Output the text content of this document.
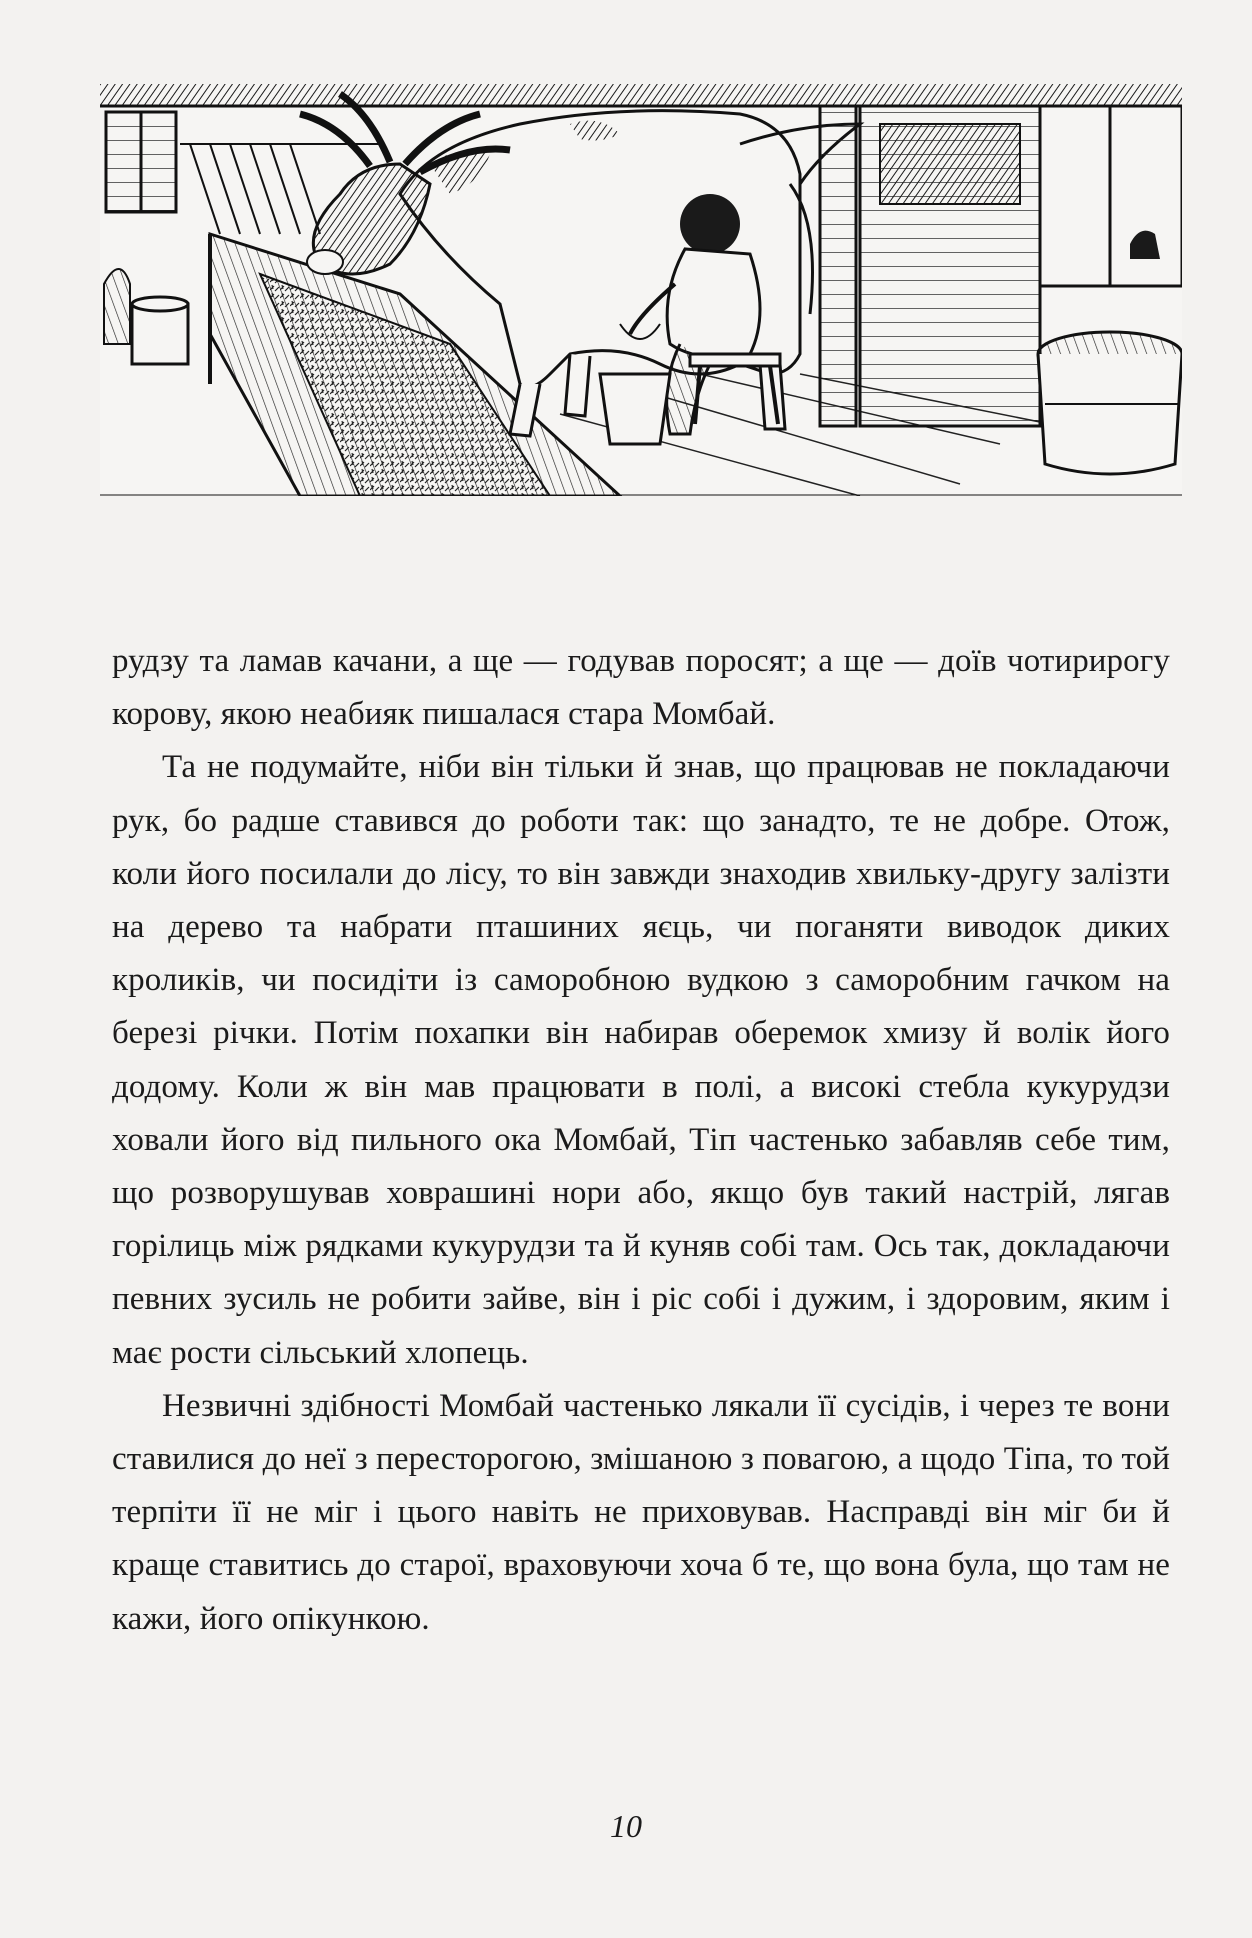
рудзу та ламав качани, а ще — годував поросят; а ще — доїв чотирирогу корову, якою неабияк пишалася стара Момбай.

Та не подумайте, ніби він тільки й знав, що працював не покладаючи рук, бо радше ставився до роботи так: що занадто, те не добре. Отож, коли його посилали до лісу, то він завжди знаходив хвильку-другу залізти на дерево та набрати пташиних яєць, чи поганяти виводок диких кроликів, чи посидіти із саморобною вудкою з саморобним гачком на березі річки. Потім похапки він набирав оберемок хмизу й волік його додому. Коли ж він мав працювати в полі, а високі стебла кукурудзи ховали його від пильного ока Момбай, Тіп частенько забавляв себе тим, що розворушував ховрашині нори або, якщо був такий настрій, лягав горілиць між рядками кукурудзи та й куняв собі там. Ось так, докладаючи певних зусиль не робити зайве, він і ріс собі і дужим, і здоровим, яким і має рости сільський хлопець.

Незвичні здібності Момбай частенько лякали її сусідів, і через те вони ставилися до неї з пересторогою, змішаною з повагою, а щодо Тіпа, то той терпіти її не міг і цього навіть не приховував. Насправді він міг би й краще ставитись до старої, враховуючи хоча б те, що вона була, що там не кажи, його опікункою.

10
